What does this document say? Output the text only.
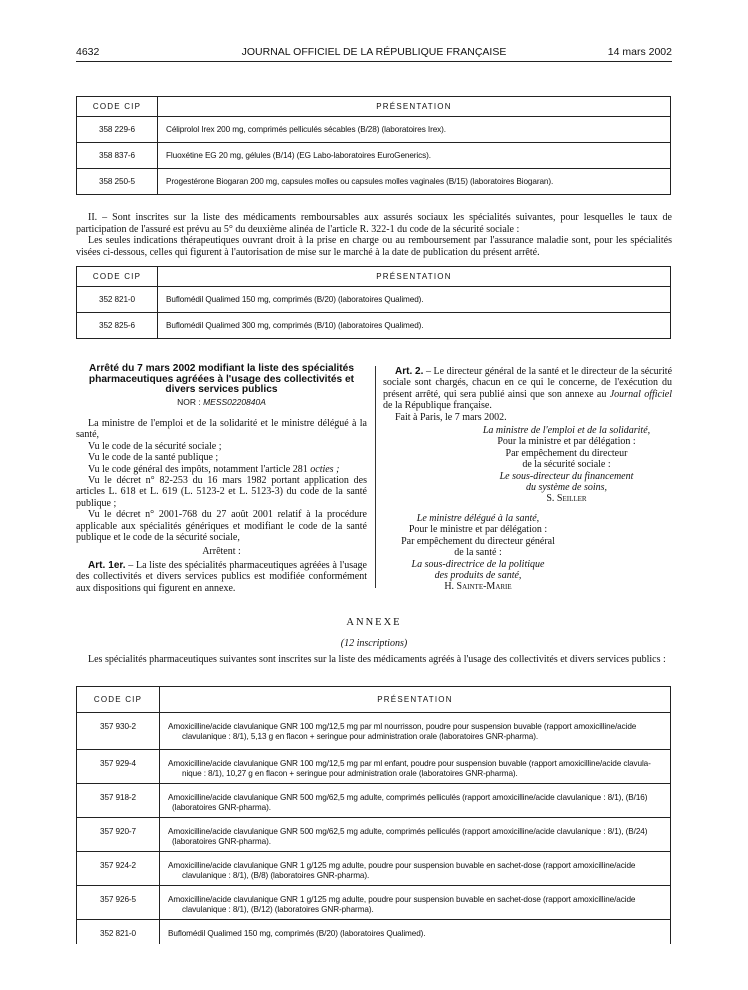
4632	JOURNAL OFFICIEL DE LA RÉPUBLIQUE FRANÇAISE	14 mars 2002
CODE CIP	PRÉSENTATION
358 229-6	Céliprolol Irex 200 mg, comprimés pelliculés sécables (B/28) (laboratoires Irex).
358 837-6	Fluoxétine EG 20 mg, gélules (B/14) (EG Labo-laboratoires EuroGenerics).
358 250-5	Progestérone Biogaran 200 mg, capsules molles ou capsules molles vaginales (B/15) (laboratoires Biogaran).

II. – Sont inscrites sur la liste des médicaments remboursables aux assurés sociaux les spécialités suivantes, pour lesquelles le taux de participation de l'assuré est prévu au 5° du deuxième alinéa de l'article R. 322-1 du code de la sécurité sociale :

Les seules indications thérapeutiques ouvrant droit à la prise en charge ou au remboursement par l'assurance maladie sont, pour les spécialités visées ci-dessous, celles qui figurent à l'autorisation de mise sur le marché à la date de publication du présent arrêté.

CODE CIP	PRÉSENTATION
352 821-0	Buflomédil Qualimed 150 mg, comprimés (B/20) (laboratoires Qualimed).
352 825-6	Buflomédil Qualimed 300 mg, comprimés (B/10) (laboratoires Qualimed).
Arrêté du 7 mars 2002 modifiant la liste des spécialités pharmaceutiques agréées à l'usage des collectivités et divers services publics
NOR : MESS0220840A

La ministre de l'emploi et de la solidarité et le ministre délégué à la santé,

Vu le code de la sécurité sociale ;

Vu le code de la santé publique ;

Vu le code général des impôts, notamment l'article 281 octies ;

Vu le décret n° 82-253 du 16 mars 1982 portant application des articles L. 618 et L. 619 (L. 5123-2 et L. 5123-3) du code de la santé publique ;

Vu le décret n° 2001-768 du 27 août 2001 relatif à la procédure applicable aux spécialités génériques et modifiant le code de la santé publique et le code de la sécurité sociale,

Arrêtent :

Art. 1er. – La liste des spécialités pharmaceutiques agréées à l'usage des collectivités et divers services publics est modifiée conformément aux dispositions qui figurent en annexe.

Art. 2. – Le directeur général de la santé et le directeur de la sécurité sociale sont chargés, chacun en ce qui le concerne, de l'exécution du présent arrêté, qui sera publié ainsi que son annexe au Journal officiel de la République française.

Fait à Paris, le 7 mars 2002.

La ministre de l'emploi et de la solidarité,
Pour la ministre et par délégation :
Par empêchement du directeur
de la sécurité sociale :
Le sous-directeur du financement
du système de soins,
S. Seiller
Le ministre délégué à la santé,
Pour le ministre et par délégation :
Par empêchement du directeur général
de la santé :
La sous-directrice de la politique
des produits de santé,
H. Sainte-Marie
ANNEXE
(12 inscriptions)

Les spécialités pharmaceutiques suivantes sont inscrites sur la liste des médicaments agréés à l'usage des collectivités et divers services publics :

CODE CIP	PRÉSENTATION
357 930-2	Amoxicilline/acide clavulanique GNR 100 mg/12,5 mg par ml nourrisson, poudre pour suspension buvable (rapport amoxicilline/acide
clavulanique : 8/1), 5,13 g en flacon + seringue pour administration orale (laboratoires GNR-pharma).

357 929-4	Amoxicilline/acide clavulanique GNR 100 mg/12,5 mg par ml enfant, poudre pour suspension buvable (rapport amoxicilline/acide clavula-
nique : 8/1), 10,27 g en flacon + seringue pour administration orale (laboratoires GNR-pharma).

357 918-2	Amoxicilline/acide clavulanique GNR 500 mg/62,5 mg adulte, comprimés pelliculés (rapport amoxicilline/acide clavulanique : 8/1), (B/16)
(laboratoires GNR-pharma).

357 920-7	Amoxicilline/acide clavulanique GNR 500 mg/62,5 mg adulte, comprimés pelliculés (rapport amoxicilline/acide clavulanique : 8/1), (B/24)
(laboratoires GNR-pharma).

357 924-2	Amoxicilline/acide clavulanique GNR 1 g/125 mg adulte, poudre pour suspension buvable en sachet-dose (rapport amoxicilline/acide
clavulanique : 8/1), (B/8) (laboratoires GNR-pharma).

357 926-5	Amoxicilline/acide clavulanique GNR 1 g/125 mg adulte, poudre pour suspension buvable en sachet-dose (rapport amoxicilline/acide
clavulanique : 8/1), (B/12) (laboratoires GNR-pharma).

352 821-0	Buflomédil Qualimed 150 mg, comprimés (B/20) (laboratoires Qualimed).
